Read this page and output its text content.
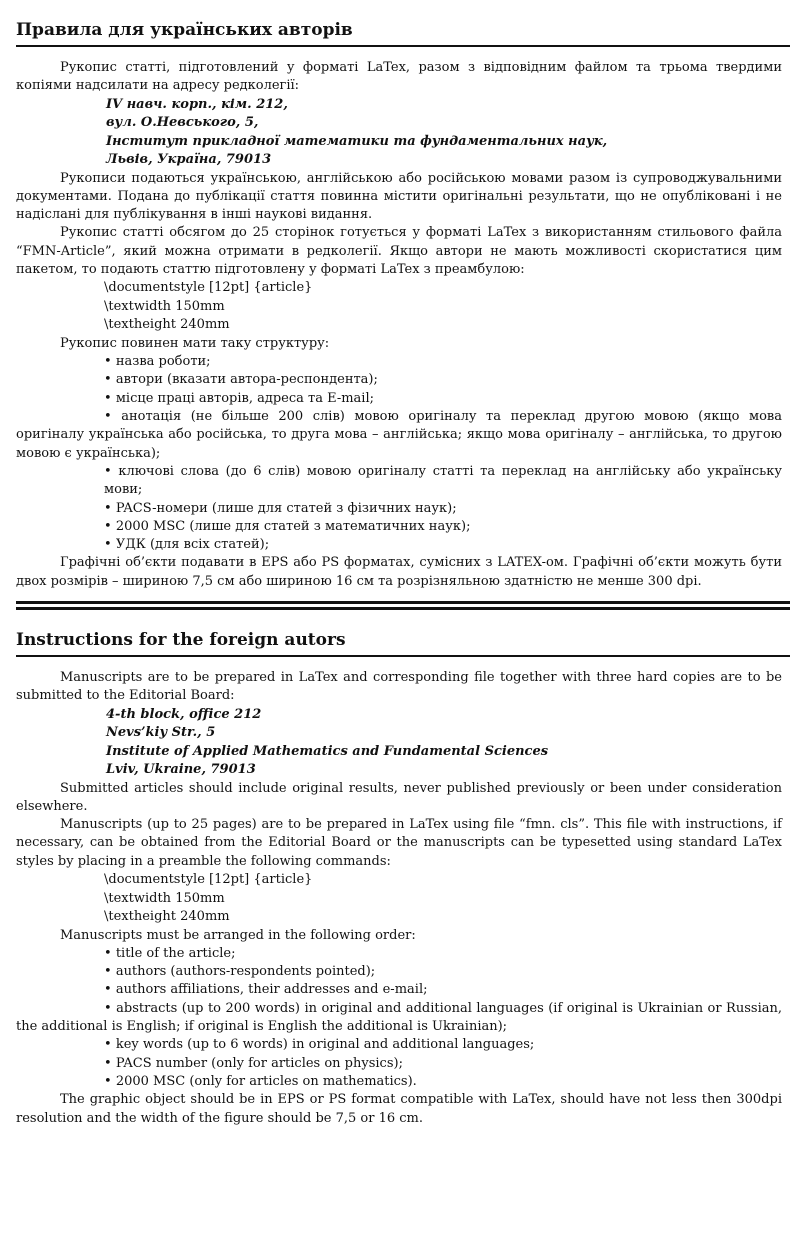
Правила для українських авторів

Рукопис статті, підготовлений у форматі LaTex, разом з відповідним файлом та трьома твердими копіями надсилати на адресу редколегії:

IV навч. корп., кім. 212,
вул. О.Невського, 5,
Інститут прикладної математики та фундаментальних наук,
Львів, Україна, 79013

Рукописи подаються українською, англійською або російською мовами разом із супроводжувальними документами. Подана до публікації стаття повинна містити оригінальні результати, що не опубліковані і не надіслані для публікування в інші наукові видання.

Рукопис статті обсягом до 25 сторінок готується у форматі LaTex з використанням стильового файла “FMN-Article”, який можна отримати в редколегії. Якщо автори не мають можливості скористатися цим пакетом, то подають статтю підготовлену у форматі LaTex з преамбулою:

\documentstyle [12pt] {article}
\textwidth 150mm
\textheight 240mm

Рукопис повинен мати таку структуру:

• назва роботи;

• автори (вказати автора-респондента);

• місце праці авторів, адреса та E-mail;

• анотація (не більше 200 слів) мовою оригіналу та переклад другою мовою (якщо мова оригіналу українська або російська, то друга мова – англійська; якщо мова оригіналу – англійська, то другою мовою є українська);

• ключові слова (до 6 слів) мовою оригіналу статті та переклад на англійську або українську мови;

• PACS-номери (лише для статей з фізичних наук);

• 2000 MSC (лише для статей з математичних наук);

• УДК (для всіх статей);

Графічні об’єкти подавати в EPS або PS форматах, сумісних з LATEX-ом. Графічні об’єкти можуть бути двох розмірів – шириною 7,5 см або шириною 16 см та розрізняльною здатністю не менше 300 dpi.

Instructions for the foreign autors

Manuscripts are to be prepared in LaTex and corresponding file together with three hard copies are to be submitted to the Editorial Board:

4-th block, office 212
Nevs’kiy Str., 5
Institute of Applied Mathematics and Fundamental Sciences
Lviv, Ukraine, 79013

Submitted articles should include original results, never published previously or been under consideration elsewhere.

Manuscripts (up to 25 pages) are to be prepared in LaTex using file “fmn. cls”. This file with instructions, if necessary, can be obtained from the Editorial Board or the manuscripts can be typesetted using standard LaTex styles by placing in a preamble the following commands:

\documentstyle [12pt] {article}
\textwidth 150mm
\textheight 240mm

Manuscripts must be arranged in the following order:

• title of the article;

• authors (authors-respondents pointed);

• authors affiliations, their addresses and e-mail;

• abstracts (up to 200 words) in original and additional languages (if original is Ukrainian or Russian, the additional is English; if original is English the additional is Ukrainian);

• key words (up to 6 words) in original and additional languages;

• PACS number (only for articles on physics);

• 2000 MSC (only for articles on mathematics).

The graphic object should be in EPS or PS format compatible with LaTex, should have not less then 300dpi resolution and the width of the figure should be 7,5 or 16 cm.
